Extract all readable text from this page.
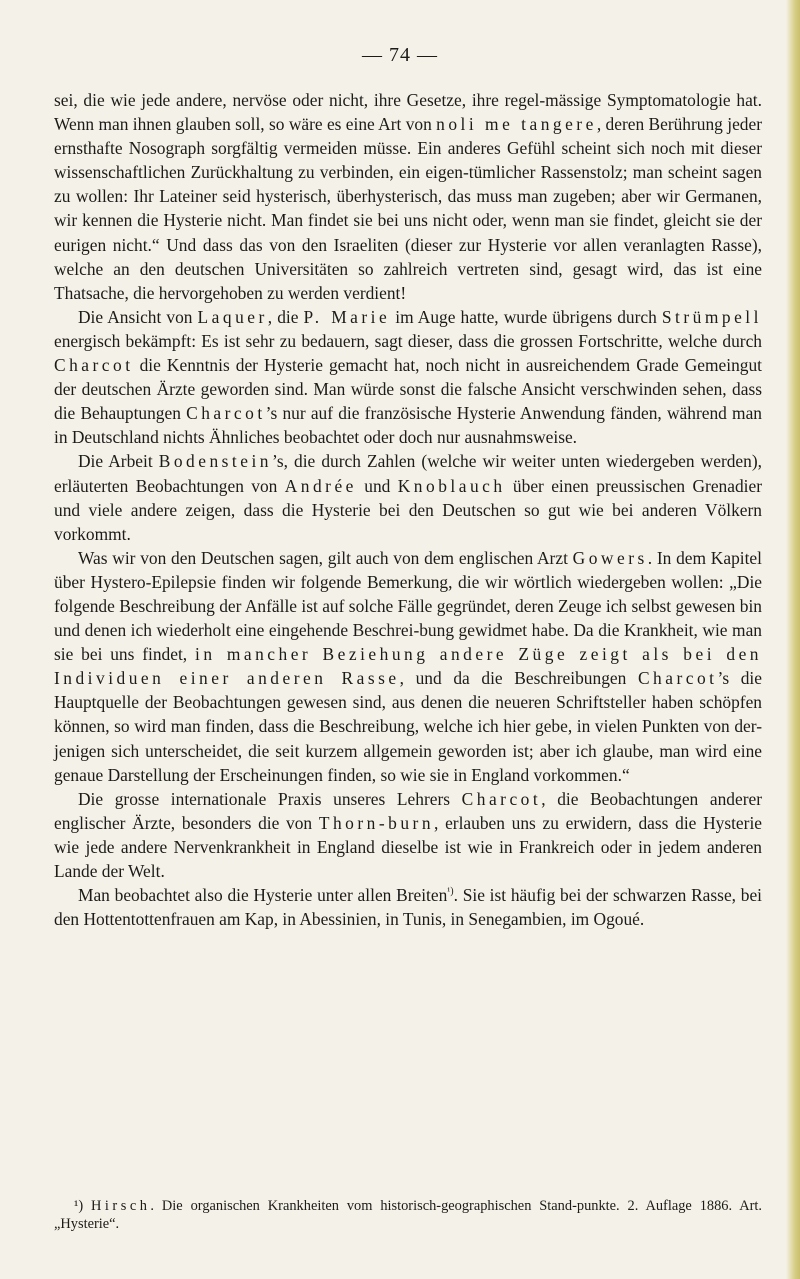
— 74 —

sei, die wie jede andere, nervöse oder nicht, ihre Gesetze, ihre regel-mässige Symptomatologie hat. Wenn man ihnen glauben soll, so wäre es eine Art von noli me tangere, deren Berührung jeder ernsthafte Nosograph sorgfältig vermeiden müsse. Ein anderes Gefühl scheint sich noch mit dieser wissenschaftlichen Zurückhaltung zu verbinden, ein eigen-tümlicher Rassenstolz; man scheint sagen zu wollen: Ihr Lateiner seid hysterisch, überhysterisch, das muss man zugeben; aber wir Germanen, wir kennen die Hysterie nicht. Man findet sie bei uns nicht oder, wenn man sie findet, gleicht sie der eurigen nicht.“ Und dass das von den Israeliten (dieser zur Hysterie vor allen veranlagten Rasse), welche an den deutschen Universitäten so zahlreich vertreten sind, gesagt wird, das ist eine Thatsache, die hervorgehoben zu werden verdient!

Die Ansicht von Laquer, die P. Marie im Auge hatte, wurde übrigens durch Strümpell energisch bekämpft: Es ist sehr zu bedauern, sagt dieser, dass die grossen Fortschritte, welche durch Charcot die Kenntnis der Hysterie gemacht hat, noch nicht in ausreichendem Grade Gemeingut der deutschen Ärzte geworden sind. Man würde sonst die falsche Ansicht verschwinden sehen, dass die Behauptungen Charcot’s nur auf die französische Hysterie Anwendung fänden, während man in Deutschland nichts Ähnliches beobachtet oder doch nur ausnahmsweise.

Die Arbeit Bodenstein’s, die durch Zahlen (welche wir weiter unten wiedergeben werden), erläuterten Beobachtungen von Andrée und Knoblauch über einen preussischen Grenadier und viele andere zeigen, dass die Hysterie bei den Deutschen so gut wie bei anderen Völkern vorkommt.

Was wir von den Deutschen sagen, gilt auch von dem englischen Arzt Gowers. In dem Kapitel über Hystero-Epilepsie finden wir folgende Bemerkung, die wir wörtlich wiedergeben wollen: „Die folgende Beschreibung der Anfälle ist auf solche Fälle gegründet, deren Zeuge ich selbst gewesen bin und denen ich wiederholt eine eingehende Beschrei-bung gewidmet habe. Da die Krankheit, wie man sie bei uns findet, in mancher Beziehung andere Züge zeigt als bei den Individuen einer anderen Rasse, und da die Beschreibungen Charcot’s die Hauptquelle der Beobachtungen gewesen sind, aus denen die neueren Schriftsteller haben schöpfen können, so wird man finden, dass die Beschreibung, welche ich hier gebe, in vielen Punkten von der-jenigen sich unterscheidet, die seit kurzem allgemein geworden ist; aber ich glaube, man wird eine genaue Darstellung der Erscheinungen finden, so wie sie in England vorkommen.“

Die grosse internationale Praxis unseres Lehrers Charcot, die Beobachtungen anderer englischer Ärzte, besonders die von Thorn-burn, erlauben uns zu erwidern, dass die Hysterie wie jede andere Nervenkrankheit in England dieselbe ist wie in Frankreich oder in jedem anderen Lande der Welt.

Man beobachtet also die Hysterie unter allen Breiten$^{^1)}$. Sie ist häufig bei der schwarzen Rasse, bei den Hottentottenfrauen am Kap, in Abessinien, in Tunis, in Senegambien, im Ogoué.

¹) Hirsch. Die organischen Krankheiten vom historisch-geographischen Stand-punkte. 2. Auflage 1886. Art. „Hysterie“.
